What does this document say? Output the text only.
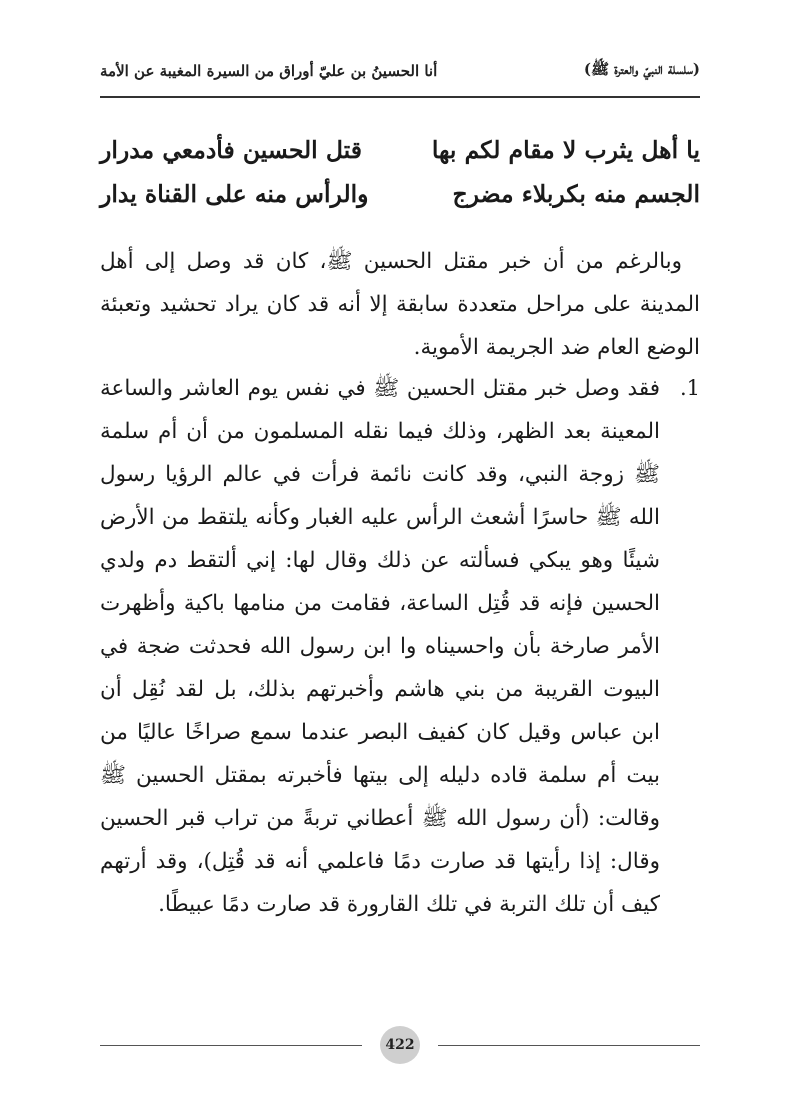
(سلسلة النبيّ والعترة ﷺ)
أنا الحسينُ بن عليّ أوراق من السيرة المغيبة عن الأمة
يا أهل يثرب لا مقام لكم بها
قتل الحسين فأدمعي مدرار
الجسم منه بكربلاء مضرج
والرأس منه على القناة يدار

وبالرغم من أن خبر مقتل الحسين ﷺ، كان قد وصل إلى أهل المدينة على مراحل متعددة سابقة إلا أنه قد كان يراد تحشيد وتعبئة الوضع العام ضد الجريمة الأموية.

1.

فقد وصل خبر مقتل الحسين ﷺ في نفس يوم العاشر والساعة المعينة بعد الظهر، وذلك فيما نقله المسلمون من أن أم سلمة ﷺ زوجة النبي، وقد كانت نائمة فرأت في عالم الرؤيا رسول الله ﷺ حاسرًا أشعث الرأس عليه الغبار وكأنه يلتقط من الأرض شيئًا وهو يبكي فسألته عن ذلك وقال لها: إني ألتقط دم ولدي الحسين فإنه قد قُتِل الساعة، فقامت من منامها باكية وأظهرت الأمر صارخة بأن واحسيناه وا ابن رسول الله فحدثت ضجة في البيوت القريبة من بني هاشم وأخبرتهم بذلك، بل لقد نُقِل أن ابن عباس وقيل كان كفيف البصر عندما سمع صراخًا عاليًا من بيت أم سلمة قاده دليله إلى بيتها فأخبرته بمقتل الحسين ﷺ وقالت: (أن رسول الله ﷺ أعطاني تربةً من تراب قبر الحسين وقال: إذا رأيتها قد صارت دمًا فاعلمي أنه قد قُتِل)، وقد أرتهم كيف أن تلك التربة في تلك القارورة قد صارت دمًا عبيطًا.

422
